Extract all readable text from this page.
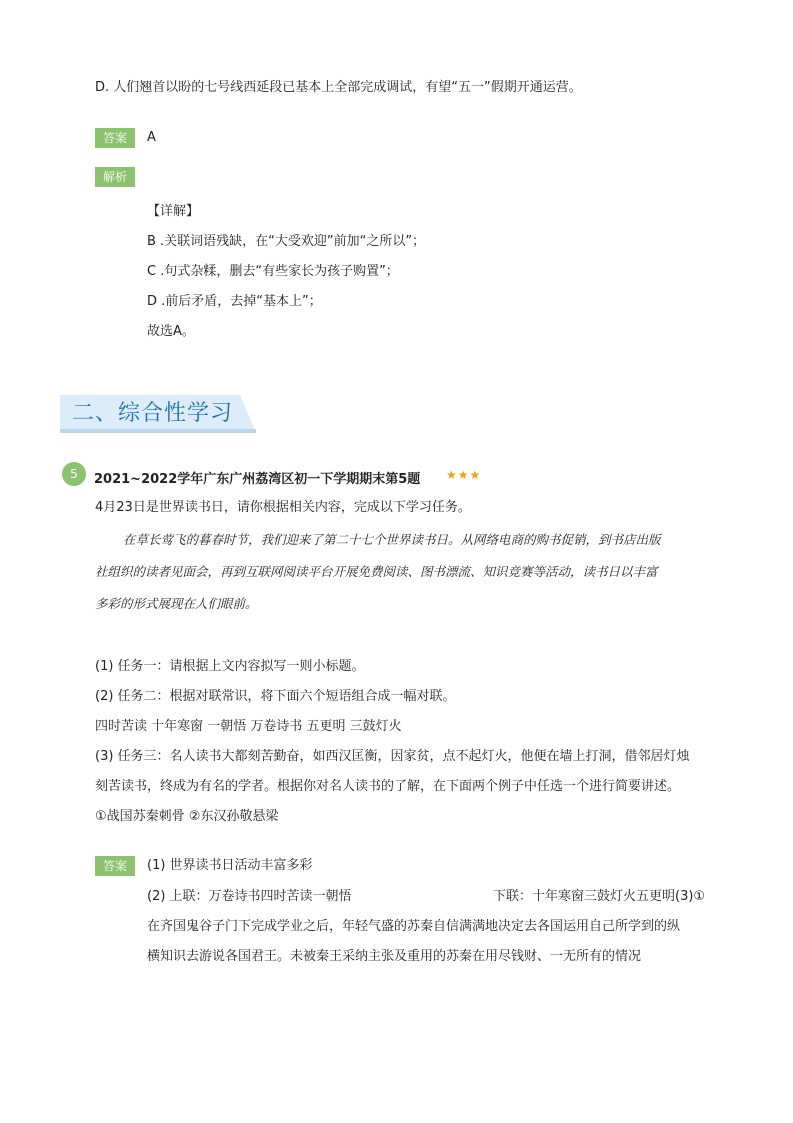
D. 人们翘首以盼的七号线西延段已基本上全部完成调试，有望“五一”假期开通运营。
答案	A
解析
【详解】
B .关联词语残缺，在“大受欢迎”前加“之所以”；
C .句式杂糅，删去“有些家长为孩子购置”；
D .前后矛盾，去掉“基本上”；
故选A。
二、综合性学习
5	2021~2022学年广东广州荔湾区初一下学期期末第5题 ★★★
4月23日是世界读书日，请你根据相关内容，完成以下学习任务。
在草长莺飞的暮春时节，我们迎来了第二十七个世界读书日。从网络电商的购书促销，到书店出版
社组织的读者见面会，再到互联网阅读平台开展免费阅读、图书漂流、知识竞赛等活动，读书日以丰富
多彩的形式展现在人们眼前。
(1) 任务一：请根据上文内容拟写一则小标题。
(2) 任务二：根据对联常识，将下面六个短语组合成一幅对联。
四时苦读 十年寒窗 一朝悟 万卷诗书 五更明 三鼓灯火
(3) 任务三：名人读书大都刻苦勤奋，如西汉匡衡，因家贫，点不起灯火，他便在墙上打洞，借邻居灯烛
刻苦读书，终成为有名的学者。根据你对名人读书的了解，在下面两个例子中任选一个进行简要讲述。
①战国苏秦刺骨 ②东汉孙敬悬梁
答案	(1) 世界读书日活动丰富多彩
(2) 上联：万卷诗书四时苦读一朝悟	下联：十年寒窗三鼓灯火五更明(3)①
在齐国鬼谷子门下完成学业之后，年轻气盛的苏秦自信满满地决定去各国运用自己所学到的纵
横知识去游说各国君王。未被秦王采纳主张及重用的苏秦在用尽钱财、一无所有的情况
